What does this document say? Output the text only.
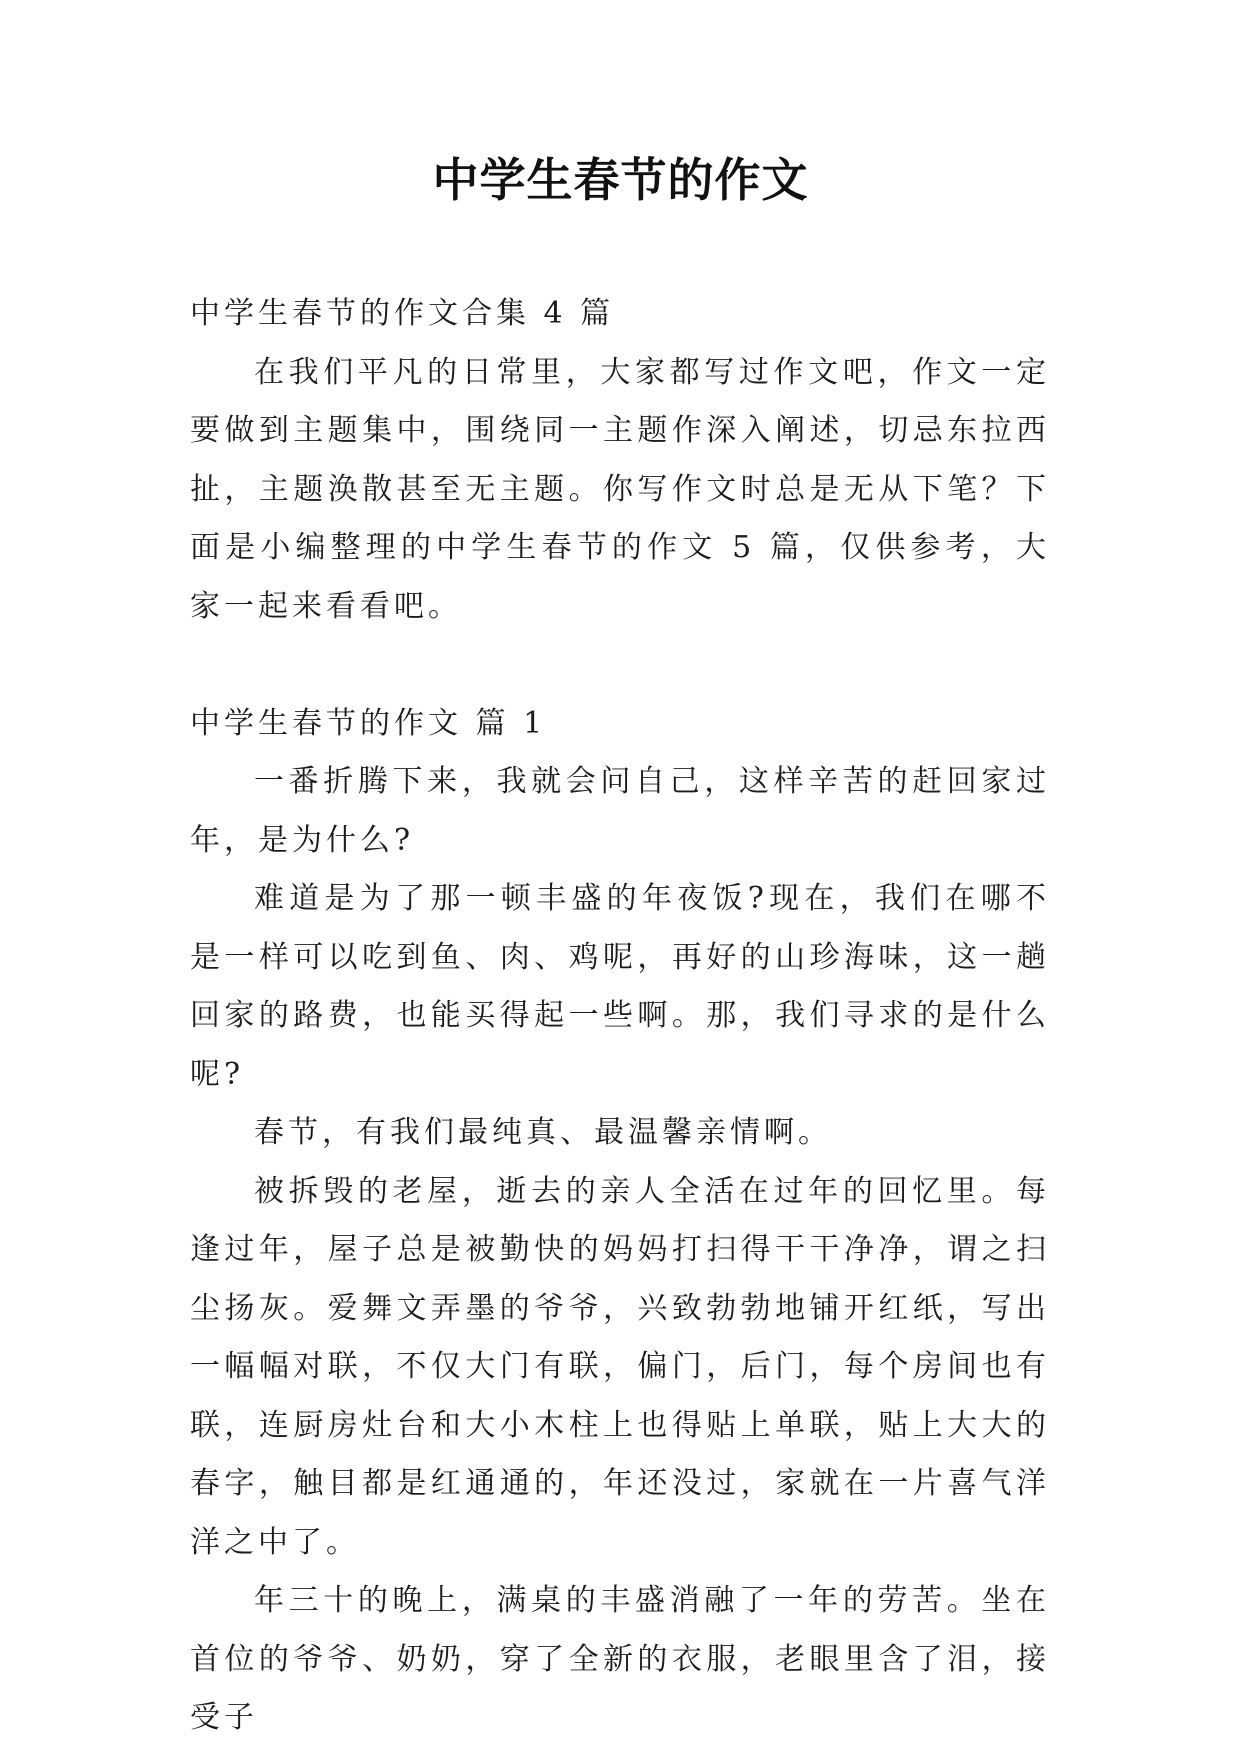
中学生春节的作文

中学生春节的作文合集 4 篇

在我们平凡的日常里，大家都写过作文吧，作文一定要做到主题集中，围绕同一主题作深入阐述，切忌东拉西扯，主题涣散甚至无主题。你写作文时总是无从下笔？下面是小编整理的中学生春节的作文 5 篇，仅供参考，大家一起来看看吧。

中学生春节的作文 篇 1

一番折腾下来，我就会问自己，这样辛苦的赶回家过年，是为什么?

难道是为了那一顿丰盛的年夜饭?现在，我们在哪不是一样可以吃到鱼、肉、鸡呢，再好的山珍海味，这一趟回家的路费，也能买得起一些啊。那，我们寻求的是什么呢?

春节，有我们最纯真、最温馨亲情啊。

被拆毁的老屋，逝去的亲人全活在过年的回忆里。每逢过年，屋子总是被勤快的妈妈打扫得干干净净，谓之扫尘扬灰。爱舞文弄墨的爷爷，兴致勃勃地铺开红纸，写出一幅幅对联，不仅大门有联，偏门，后门，每个房间也有联，连厨房灶台和大小木柱上也得贴上单联，贴上大大的春字，触目都是红通通的，年还没过，家就在一片喜气洋洋之中了。

年三十的晚上，满桌的丰盛消融了一年的劳苦。坐在首位的爷爷、奶奶，穿了全新的衣服，老眼里含了泪，接受子
